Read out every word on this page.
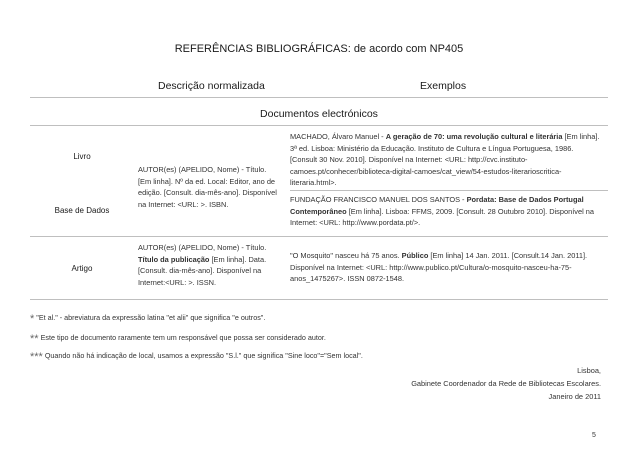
REFERÊNCIAS BIBLIOGRÁFICAS: de acordo com NP405
Descrição normalizada	Exemplos
Documentos electrónicos
Livro
Base de Dados
Artigo
AUTOR(es) (APELIDO, Nome) - Título.
[Em linha]. Nº da ed. Local: Editor, ano de
edição. [Consult. dia-mês-ano]. Disponível
na Internet: <URL: >. ISBN.
MACHADO, Álvaro Manuel - A geração de 70: uma revolução cultural e literária [Em linha].
3ª ed. Lisboa: Ministério da Educação. Instituto de Cultura e Língua Portuguesa, 1986.
[Consult 30 Nov. 2010]. Disponível na Internet: <URL: http://cvc.instituto-
camoes.pt/conhecer/biblioteca-digital-camoes/cat_view/54-estudos-literarioscritica-
literaria.html>.
FUNDAÇÃO FRANCISCO MANUEL DOS SANTOS - Pordata: Base de Dados Portugal
Contemporâneo [Em linha]. Lisboa: FFMS, 2009. [Consult. 28 Outubro 2010]. Disponível na
Internet: <URL: http://www.pordata.pt/>.
AUTOR(es) (APELIDO, Nome) - Título.
Título da publicação [Em linha]. Data.
[Consult. dia-mês-ano]. Disponível na
Internet:<URL: >. ISSN.
"O Mosquito" nasceu há 75 anos. Público [Em linha] 14 Jan. 2011. [Consult.14 Jan. 2011].
Disponível na Internet: <URL: http://www.publico.pt/Cultura/o-mosquito-nasceu-ha-75-
anos_1475267>. ISSN 0872-1548.
* "Et al." - abreviatura da expressão latina "et alii" que significa "e outros".
** Este tipo de documento raramente tem um responsável que possa ser considerado autor.
*** Quando não há indicação de local, usamos a expressão "S.l." que significa "Sine loco"="Sem local".
Lisboa,
Gabinete Coordenador da Rede de Bibliotecas Escolares.
Janeiro de 2011
5
